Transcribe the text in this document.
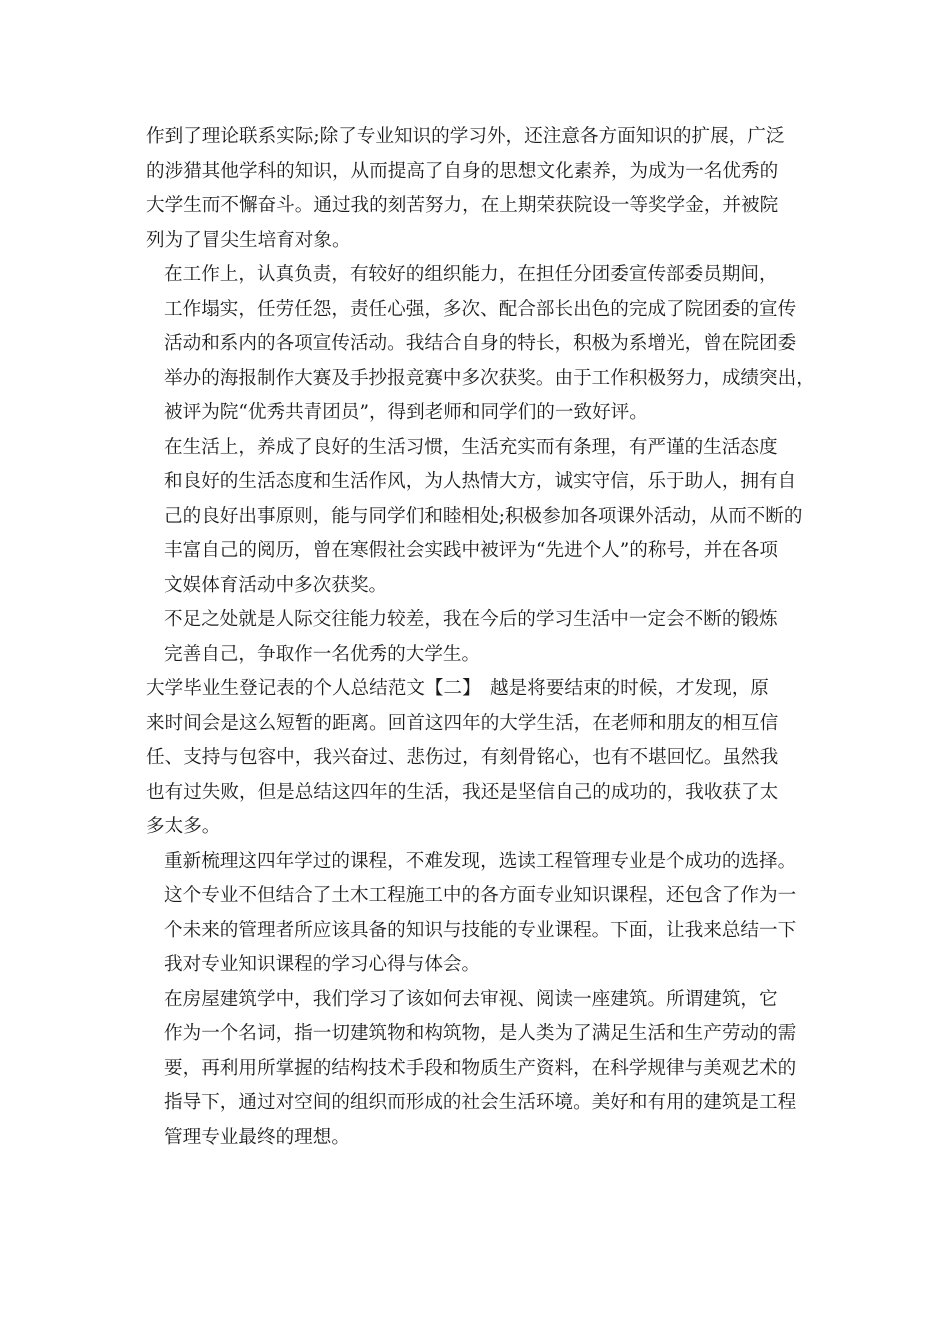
作到了理论联系实际;除了专业知识的学习外，还注意各方面知识的扩展，广泛
的涉猎其他学科的知识，从而提高了自身的思想文化素养，为成为一名优秀的
大学生而不懈奋斗。通过我的刻苦努力，在上期荣获院设一等奖学金，并被院
列为了冒尖生培育对象。

在工作上，认真负责，有较好的组织能力，在担任分团委宣传部委员期间，
工作塌实，任劳任怨，责任心强，多次、配合部长出色的完成了院团委的宣传
活动和系内的各项宣传活动。我结合自身的特长，积极为系增光，曾在院团委
举办的海报制作大赛及手抄报竞赛中多次获奖。由于工作积极努力，成绩突出，
被评为院“优秀共青团员”，得到老师和同学们的一致好评。

在生活上，养成了良好的生活习惯，生活充实而有条理，有严谨的生活态度
和良好的生活态度和生活作风，为人热情大方，诚实守信，乐于助人，拥有自
己的良好出事原则，能与同学们和睦相处;积极参加各项课外活动，从而不断的
丰富自己的阅历，曾在寒假社会实践中被评为“先进个人”的称号，并在各项
文娱体育活动中多次获奖。

不足之处就是人际交往能力较差，我在今后的学习生活中一定会不断的锻炼
完善自己，争取作一名优秀的大学生。

大学毕业生登记表的个人总结范文【二】　越是将要结束的时候，才发现，原
来时间会是这么短暂的距离。回首这四年的大学生活，在老师和朋友的相互信
任、支持与包容中，我兴奋过、悲伤过，有刻骨铭心，也有不堪回忆。虽然我
也有过失败，但是总结这四年的生活，我还是坚信自己的成功的，我收获了太
多太多。

重新梳理这四年学过的课程，不难发现，选读工程管理专业是个成功的选择。
这个专业不但结合了土木工程施工中的各方面专业知识课程，还包含了作为一
个未来的管理者所应该具备的知识与技能的专业课程。下面，让我来总结一下
我对专业知识课程的学习心得与体会。

在房屋建筑学中，我们学习了该如何去审视、阅读一座建筑。所谓建筑，它
作为一个名词，指一切建筑物和构筑物，是人类为了满足生活和生产劳动的需
要，再利用所掌握的结构技术手段和物质生产资料，在科学规律与美观艺术的
指导下，通过对空间的组织而形成的社会生活环境。美好和有用的建筑是工程
管理专业最终的理想。
